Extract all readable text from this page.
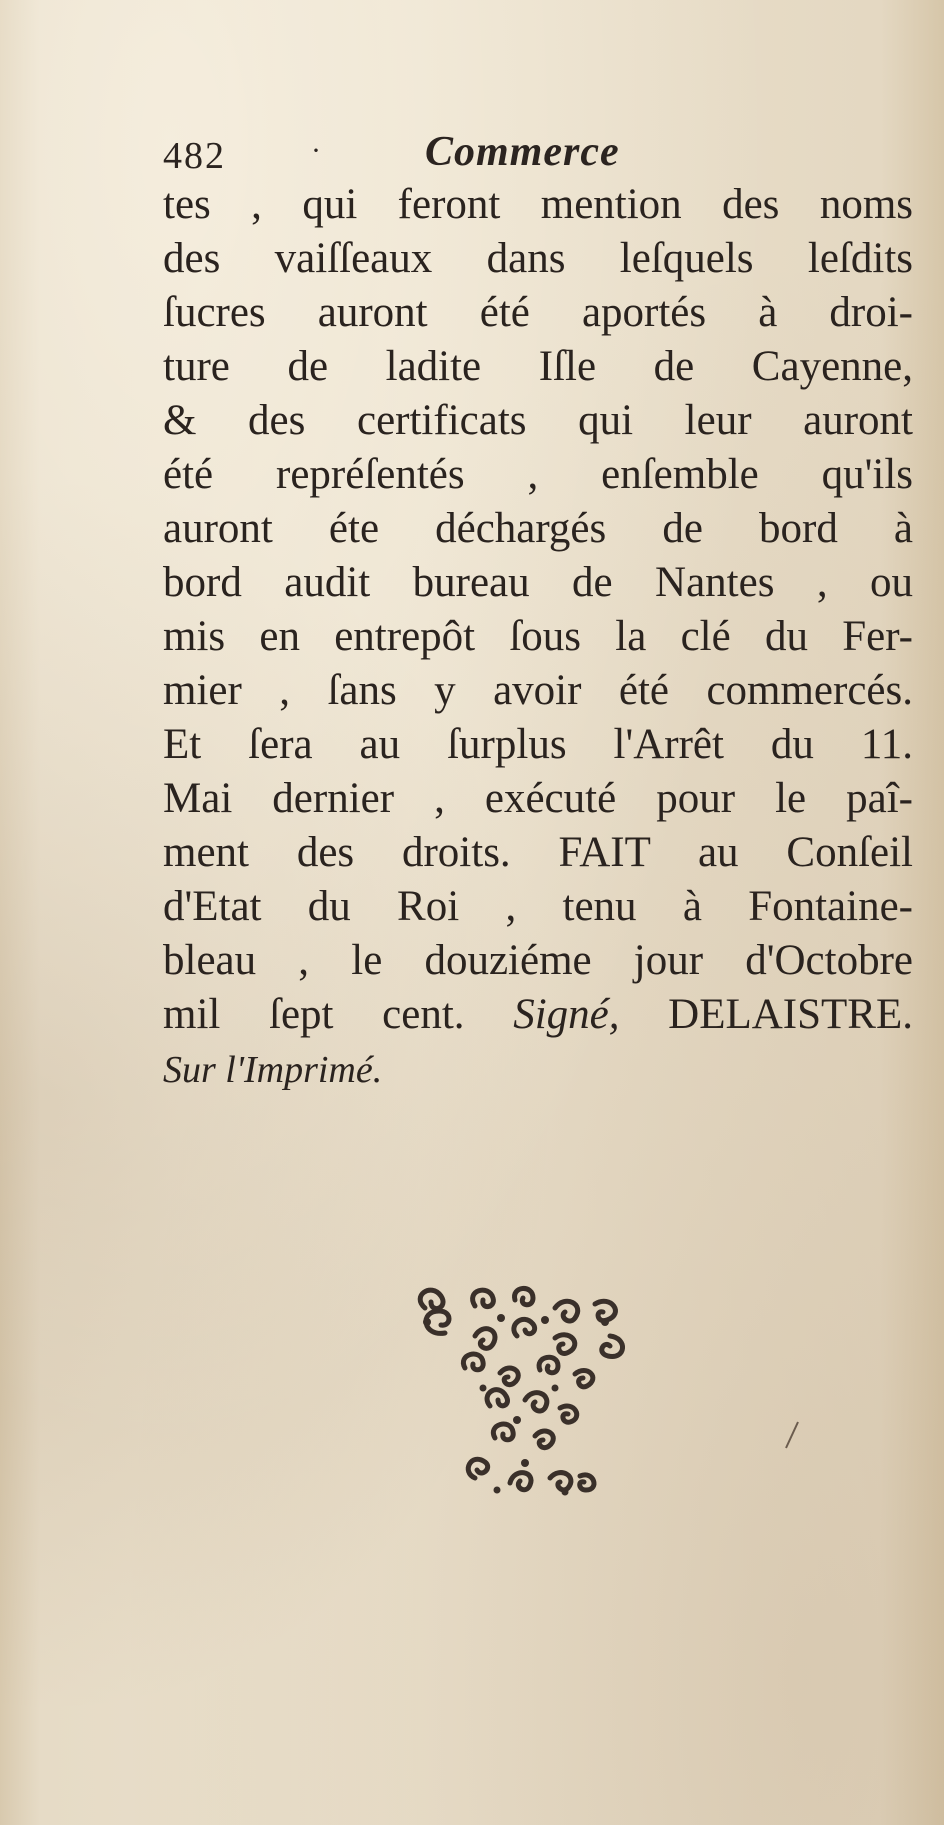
482	· Commerce
tes , qui feront mention des noms
des vaiſſeaux dans leſquels leſdits
ſucres auront été aportés à droi-
ture de ladite Iſle de Cayenne,
& des certificats qui leur auront
été repréſentés , enſemble qu'ils
auront éte déchargés de bord à
bord audit bureau de Nantes , ou
mis en entrepôt ſous la clé du Fer-
mier , ſans y avoir été commercés.
Et ſera au ſurplus l'Arrêt du 11.
Mai dernier , exécuté pour le paî-
ment des droits. FAIT au Conſeil
d'Etat du Roi , tenu à Fontaine-
bleau , le douziéme jour d'Octobre
mil ſept cent. Signé, DELAISTRE.
Sur l'Imprimé.
